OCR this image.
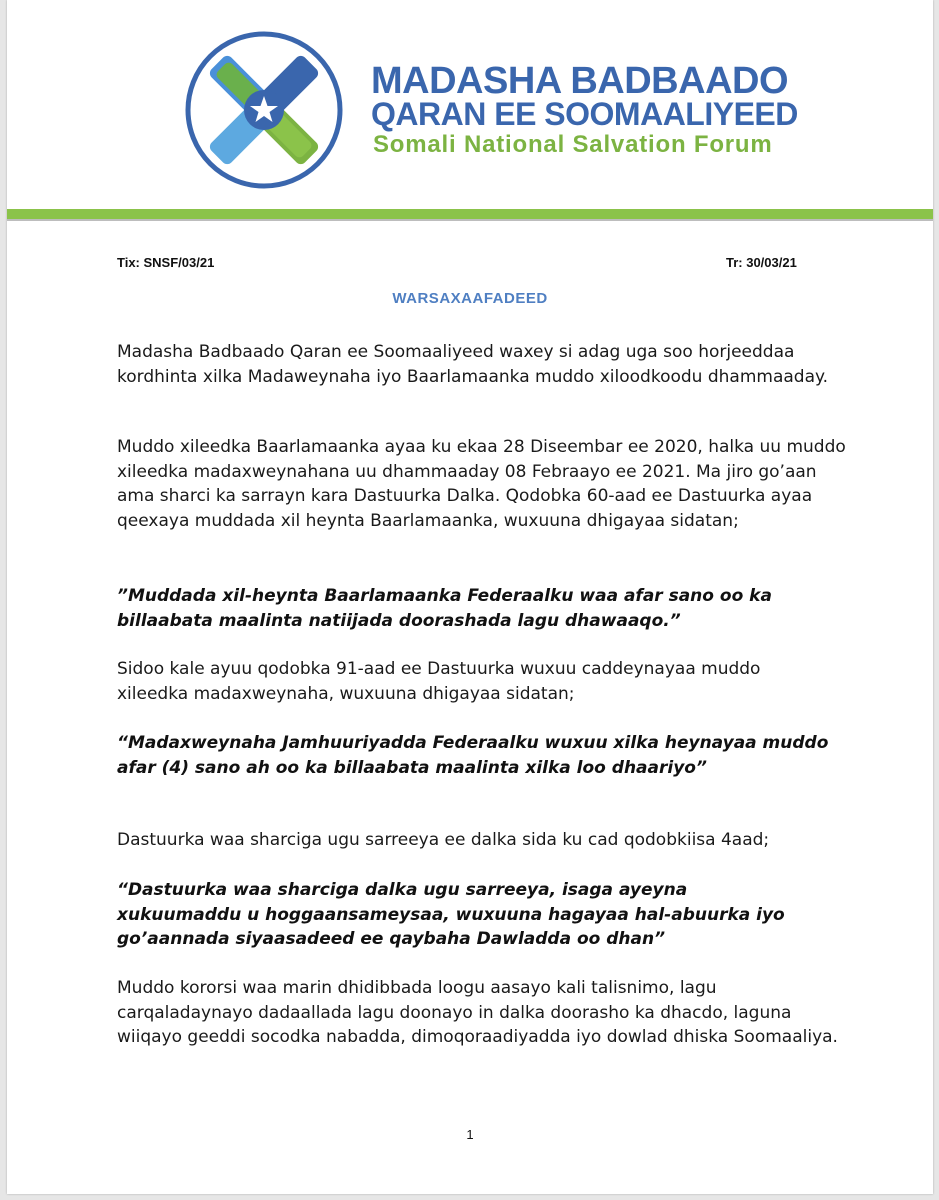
MADASHA BADBAADO
QARAN EE SOOMAALIYEED
Somali National Salvation Forum
Tix: SNSF/03/21	Tr: 30/03/21
WARSAXAAFADEED

Madasha Badbaado Qaran ee Soomaaliyeed waxey si adag uga soo horjeeddaa kordhinta xilka Madaweynaha iyo Baarlamaanka muddo xiloodkoodu dhammaaday.

Muddo xileedka Baarlamaanka ayaa ku ekaa 28 Diseembar ee 2020, halka uu muddo xileedka madaxweynahana uu dhammaaday 08 Febraayo ee 2021. Ma jiro go’aan ama sharci ka sarrayn kara Dastuurka Dalka. Qodobka 60-aad ee Dastuurka ayaa qeexaya muddada xil heynta Baarlamaanka, wuxuuna dhigayaa sidatan;

”Muddada xil-heynta Baarlamaanka Federaalku waa afar sano oo ka billaabata maalinta natiijada doorashada lagu dhawaaqo.”

Sidoo kale ayuu qodobka 91-aad ee Dastuurka wuxuu caddeynayaa muddo xileedka madaxweynaha, wuxuuna dhigayaa sidatan;

“Madaxweynaha Jamhuuriyadda Federaalku wuxuu xilka heynayaa muddo afar (4) sano ah oo ka billaabata maalinta xilka loo dhaariyo”

Dastuurka waa sharciga ugu sarreeya ee dalka sida ku cad qodobkiisa 4aad;

“Dastuurka waa sharciga dalka ugu sarreeya, isaga ayeyna xukuumaddu u hoggaansameysaa, wuxuuna hagayaa hal-abuurka iyo go’aannada siyaasadeed ee qaybaha Dawladda oo dhan”

Muddo kororsi waa marin dhidibbada loogu aasayo kali talisnimo, lagu carqaladaynayo dadaallada lagu doonayo in dalka doorasho ka dhacdo, laguna wiiqayo geeddi socodka nabadda, dimoqoraadiyadda iyo dowlad dhiska Soomaaliya.

1
